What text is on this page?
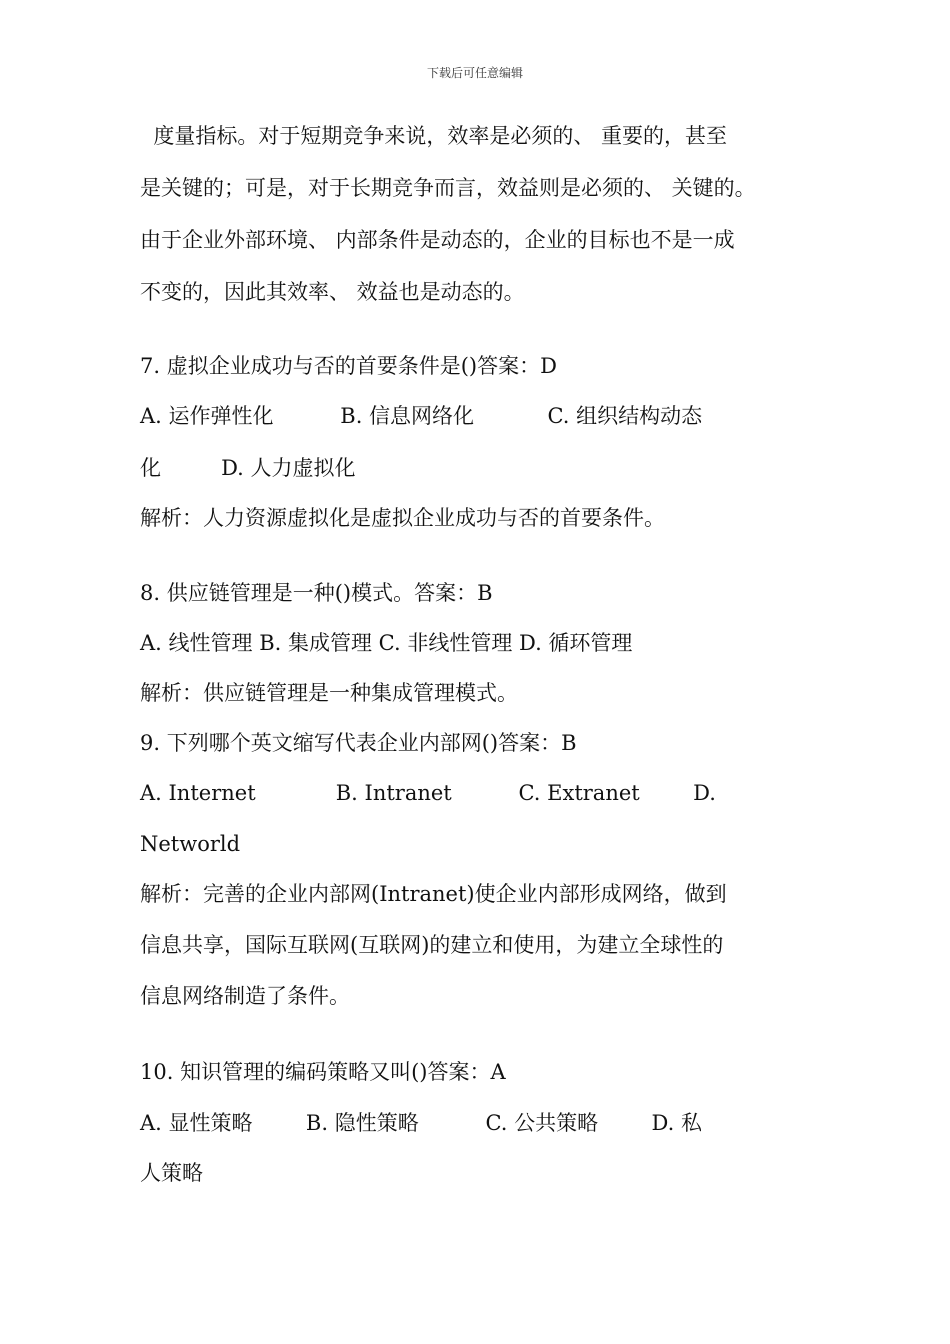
下载后可任意编辑
度量指标。对于短期竞争来说，效率是必须的、 重要的，甚至
是关键的；可是，对于长期竞争而言，效益则是必须的、 关键的。
由于企业外部环境、 内部条件是动态的，企业的目标也不是一成
不变的，因此其效率、 效益也是动态的。
7. 虚拟企业成功与否的首要条件是()答案：D
A. 运作弹性化          B. 信息网络化           C. 组织结构动态
化         D. 人力虚拟化
解析：人力资源虚拟化是虚拟企业成功与否的首要条件。
8. 供应链管理是一种()模式。答案：B
A. 线性管理 B. 集成管理 C. 非线性管理 D. 循环管理
解析：供应链管理是一种集成管理模式。
9. 下列哪个英文缩写代表企业内部网()答案：B
A. Internet            B. Intranet          C. Extranet        D.
Networld
解析：完善的企业内部网(Intranet)使企业内部形成网络，做到
信息共享，国际互联网(互联网)的建立和使用，为建立全球性的
信息网络制造了条件。
10. 知识管理的编码策略又叫()答案：A
A. 显性策略        B. 隐性策略          C. 公共策略        D. 私
人策略
